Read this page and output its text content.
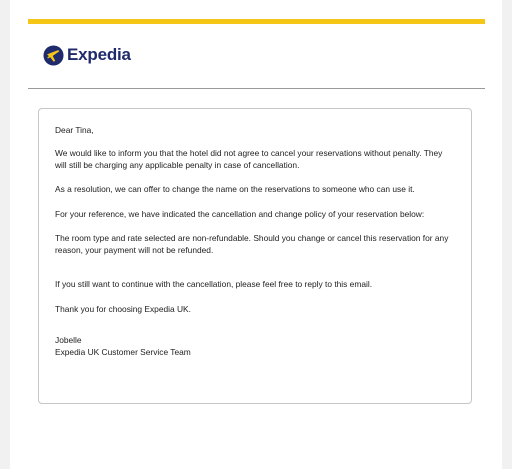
Expedia

Dear Tina,

We would like to inform you that the hotel did not agree to cancel your reservations without penalty. They will still be charging any applicable penalty in case of cancellation.

As a resolution, we can offer to change the name on the reservations to someone who can use it.

For your reference, we have indicated the cancellation and change policy of your reservation below:

The room type and rate selected are non-refundable. Should you change or cancel this reservation for any reason, your payment will not be refunded.

If you still want to continue with the cancellation, please feel free to reply to this email.

Thank you for choosing Expedia UK.

Jobelle

Expedia UK Customer Service Team
